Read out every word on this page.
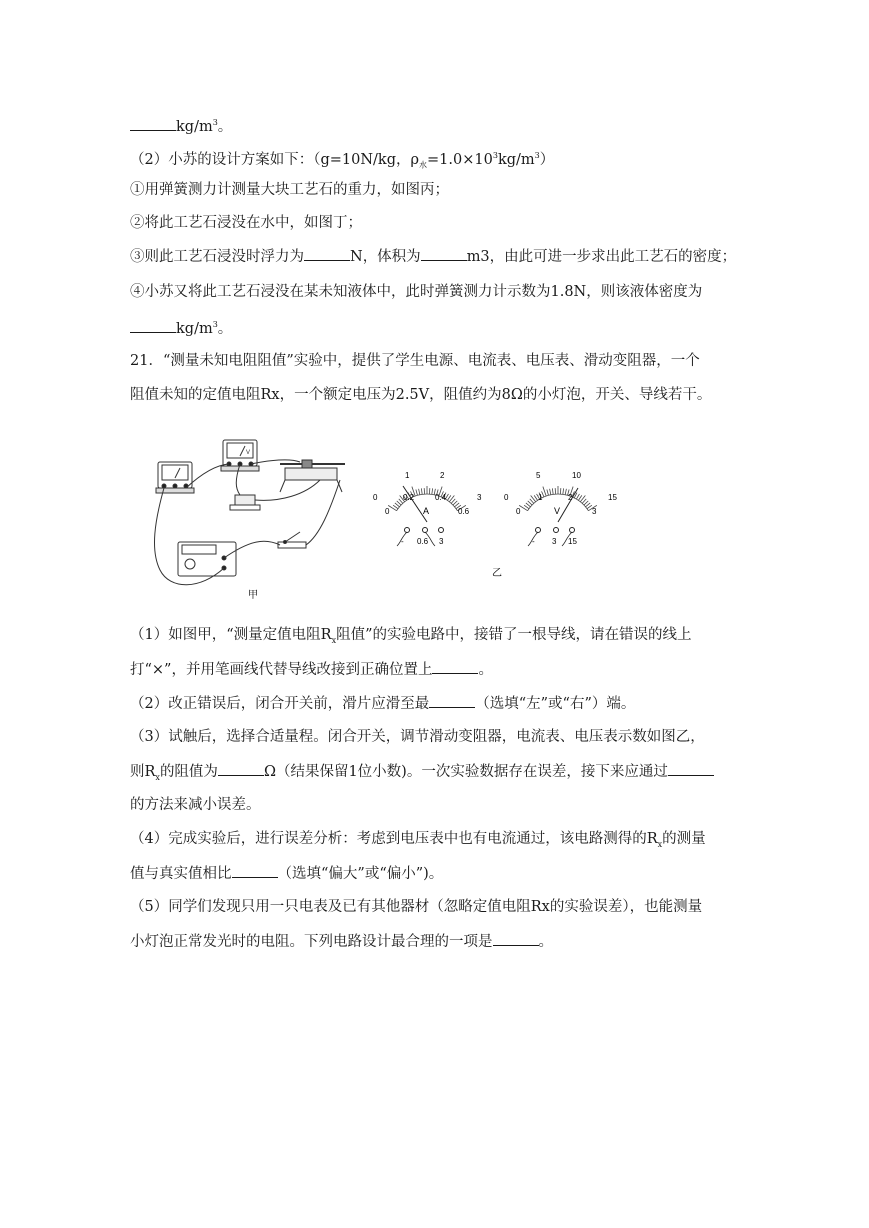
$kg/m^3$。
（2）小苏的设计方案如下：（g=10N/kg，$\rho_水=1.0\times 10^3kg/m^3$）
①用弹簧测力计测量大块工艺石的重力，如图丙；
②将此工艺石浸没在水中，如图丁；
③则此工艺石浸没时浮力为	N，体积为	m3，由此可进一步求出此工艺石的密度；
④小苏又将此工艺石浸没在某未知液体中，此时弹簧测力计示数为1.8N，则该液体密度为
$kg/m^3$。
21．“测量未知电阻阻值”实验中，提供了学生电源、电流表、电压表、滑动变阻器，一个
阻值未知的定值电阻Rx，一个额定电压为2.5V，阻值约为8Ω的小灯泡，开关、导线若干。
V
0
1	2
3
0
0.2	0.4
0.6
A
- 0.6 3
0
5	10
15
0
1	2
3
V
- 3 15
甲
乙
（1）如图甲，“测量定值电阻$R_x$阻值”的实验电路中，接错了一根导线，请在错误的线上
打“×”，并用笔画线代替导线改接到正确位置上	。
（2）改正错误后，闭合开关前，滑片应滑至最	（选填“左”或“右”）端。
（3）试触后，选择合适量程。闭合开关，调节滑动变阻器，电流表、电压表示数如图乙，
则$R_x$的阻值为	Ω（结果保留1位小数)。一次实验数据存在误差，接下来应通过
的方法来减小误差。
（4）完成实验后，进行误差分析：考虑到电压表中也有电流通过，该电路测得的$R_x$的测量
值与真实值相比	（选填“偏大”或“偏小”)。
（5）同学们发现只用一只电表及已有其他器材（忽略定值电阻Rx的实验误差），也能测量
小灯泡正常发光时的电阻。下列电路设计最合理的一项是	。
